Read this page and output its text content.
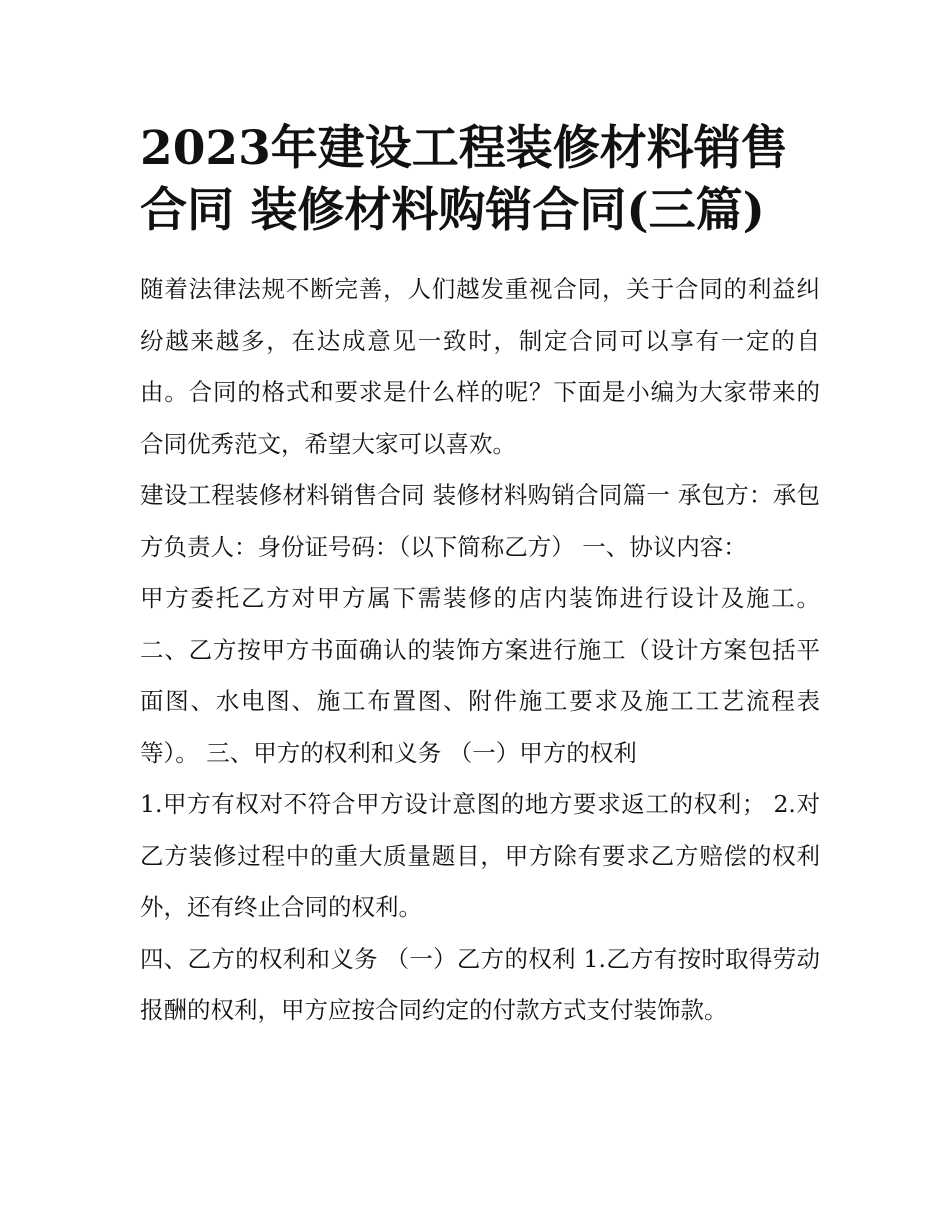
2023年建设工程装修材料销售
合同 装修材料购销合同(三篇)

随着法律法规不断完善，人们越发重视合同，关于合同的利益纠纷越来越多，在达成意见一致时，制定合同可以享有一定的自由。合同的格式和要求是什么样的呢？下面是小编为大家带来的合同优秀范文，希望大家可以喜欢。

建设工程装修材料销售合同 装修材料购销合同篇一 承包方：承包方负责人：身份证号码：（以下简称乙方） 一、协议内容：

甲方委托乙方对甲方属下需装修的店内装饰进行设计及施工。二、乙方按甲方书面确认的装饰方案进行施工（设计方案包括平面图、水电图、施工布置图、附件施工要求及施工工艺流程表等）。 三、甲方的权利和义务 （一）甲方的权利

1.甲方有权对不符合甲方设计意图的地方要求返工的权利； 2.对乙方装修过程中的重大质量题目，甲方除有要求乙方赔偿的权利外，还有终止合同的权利。

四、乙方的权利和义务 （一）乙方的权利 1.乙方有按时取得劳动报酬的权利，甲方应按合同约定的付款方式支付装饰款。
